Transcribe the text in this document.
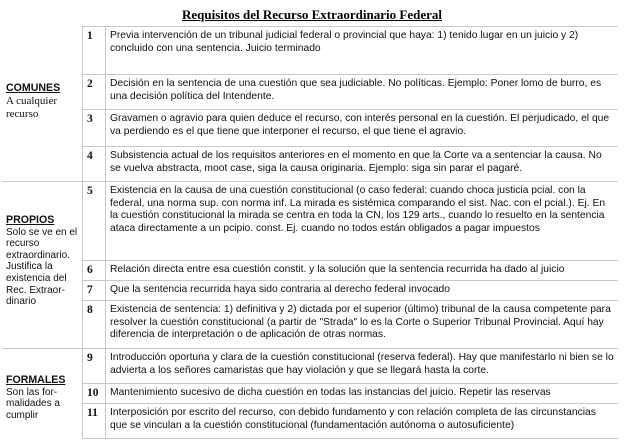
Requisitos del Recurso Extraordinario Federal
COMUNES
A cualquier recurso	1	Previa intervención de un tribunal judicial federal o provincial que haya: 1) tenido lugar en un juicio y 2) concluido con una sentencia. Juicio terminado
	2	Decisión en la sentencia de una cuestión que sea judiciable. No políticas. Ejemplo: Poner lomo de burro, es una decisión política del Intendente.
	3	Gravamen o agravio para quien deduce el recurso, con interés personal en la cuestión. El perjudicado, el que va perdiendo es el que tiene que interponer el recurso, el que tiene el agravio.
	4	Subsistencia actual de los requisitos anteriores en el momento en que la Corte va a sentenciar la causa. No se vuelva abstracta, moot case, siga la causa originaria. Ejemplo: siga sin parar el pagaré.

PROPIOS
Solo se ve en el recurso extraordinario. Justifica la existencia del Rec. Extraor-dinario	5	Existencia en la causa de una cuestión constitucional (o caso federal: cuando choca justicia pcial. con la federal, una norma sup. con norma inf. La mirada es sistémica comparando el sist. Nac. con el pcial.). Ej. En la cuestión constitucional la mirada se centra en toda la CN, los 129 arts., cuando lo resuelto en la sentencia ataca directamente a un pcipio. const. Ej. cuando no todos están obligados a pagar impuestos
	6	Relación directa entre esa cuestión constit. y la solución que la sentencia recurrida ha dado al juicio
	7	Que la sentencia recurrida haya sido contraria al derecho federal invocado
	8	Existencia de sentencia: 1) definitiva y 2) dictada por el superior (último) tribunal de la causa competente para resolver la cuestión constitucional (a partir de "Strada" lo es la Corte o Superior Tribunal Provincial. Aquí hay diferencia de interpretación o de aplicación de otras normas.

FORMALES
Son las for-malidades a cumplir	9	Introducción oportuna y clara de la cuestión constitucional (reserva federal). Hay que manifestarlo ni bien se lo advierta a los señores camaristas que hay violación y que se llegará hasta la corte.
	10	Mantenimiento sucesivo de dicha cuestión en todas las instancias del juicio. Repetir las reservas
	11	Interposición por escrito del recurso, con debido fundamento y con relación completa de las circunstancias que se vinculan a la cuestión constitucional (fundamentación autónoma o autosuficiente)
